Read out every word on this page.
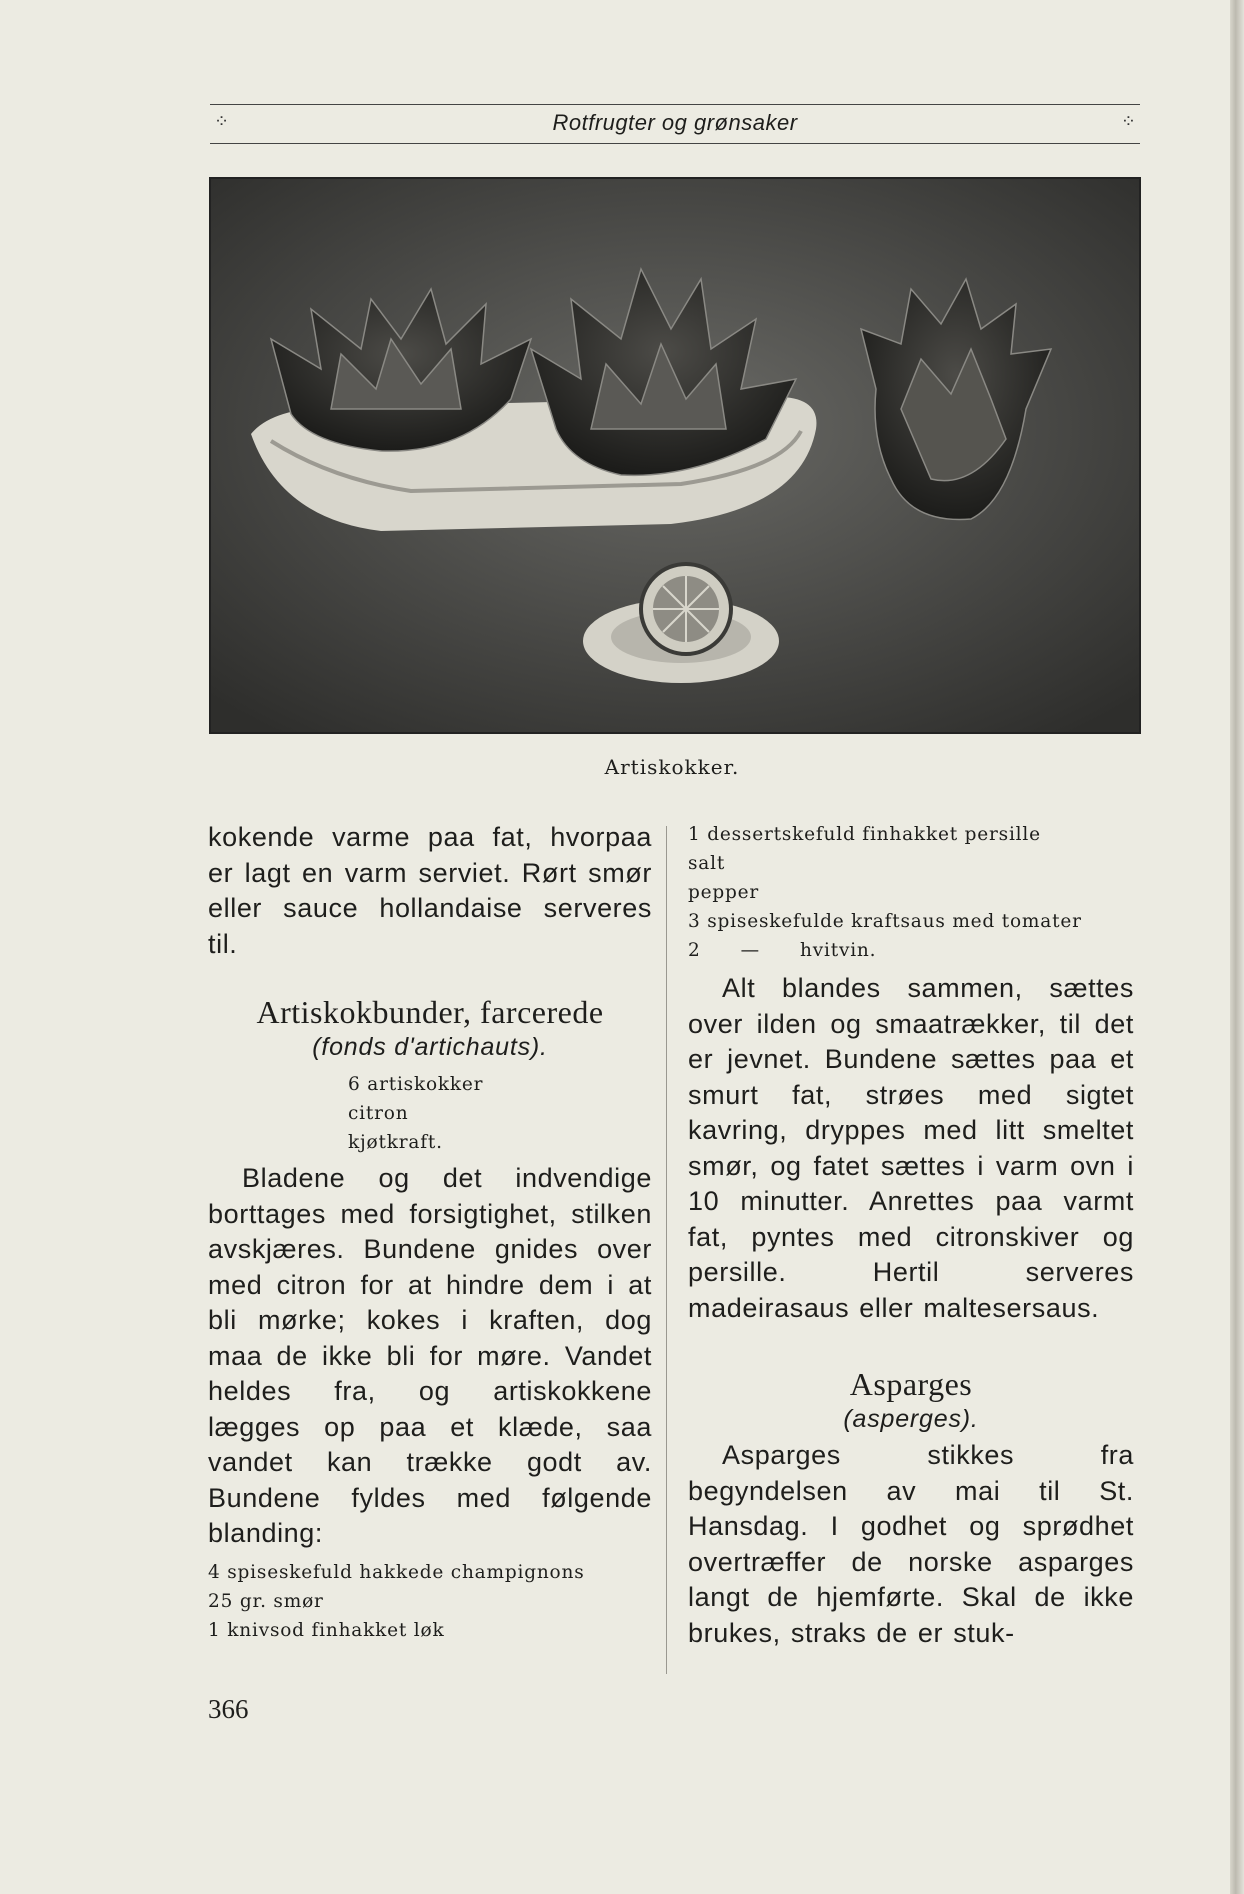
⁘	Rotfrugter og grønsaker	⁘
Artiskokker.

kokende varme paa fat, hvorpaa er lagt en varm serviet. Rørt smør eller sauce hollandaise serveres til.

Artiskokbunder, farcerede

(fonds d'artichauts).

6 artiskokker

citron

kjøtkraft.

Bladene og det indvendige borttages med forsigtighet, stilken avskjæres. Bundene gnides over med citron for at hindre dem i at bli mørke; kokes i kraften, dog maa de ikke bli for møre. Vandet heldes fra, og artiskokkene lægges op paa et klæde, saa vandet kan trække godt av. Bundene fyldes med følgende blanding:

4 spiseskefuld hakkede champignons

25 gr. smør

1 knivsod finhakket løk

1 dessertskefuld finhakket persille

salt

pepper

3 spiseskefulde kraftsaus med tomater

2      —      hvitvin.

Alt blandes sammen, sættes over ilden og smaatrækker, til det er jevnet. Bundene sættes paa et smurt fat, strøes med sigtet kavring, dryppes med litt smeltet smør, og fatet sættes i varm ovn i 10 minutter. Anrettes paa varmt fat, pyntes med citronskiver og persille. Hertil serveres madeirasaus eller maltesersaus.

Asparges

(asperges).

Asparges stikkes fra begyndelsen av mai til St. Hansdag. I godhet og sprødhet overtræffer de norske asparges langt de hjemførte. Skal de ikke brukes, straks de er stuk-

366
